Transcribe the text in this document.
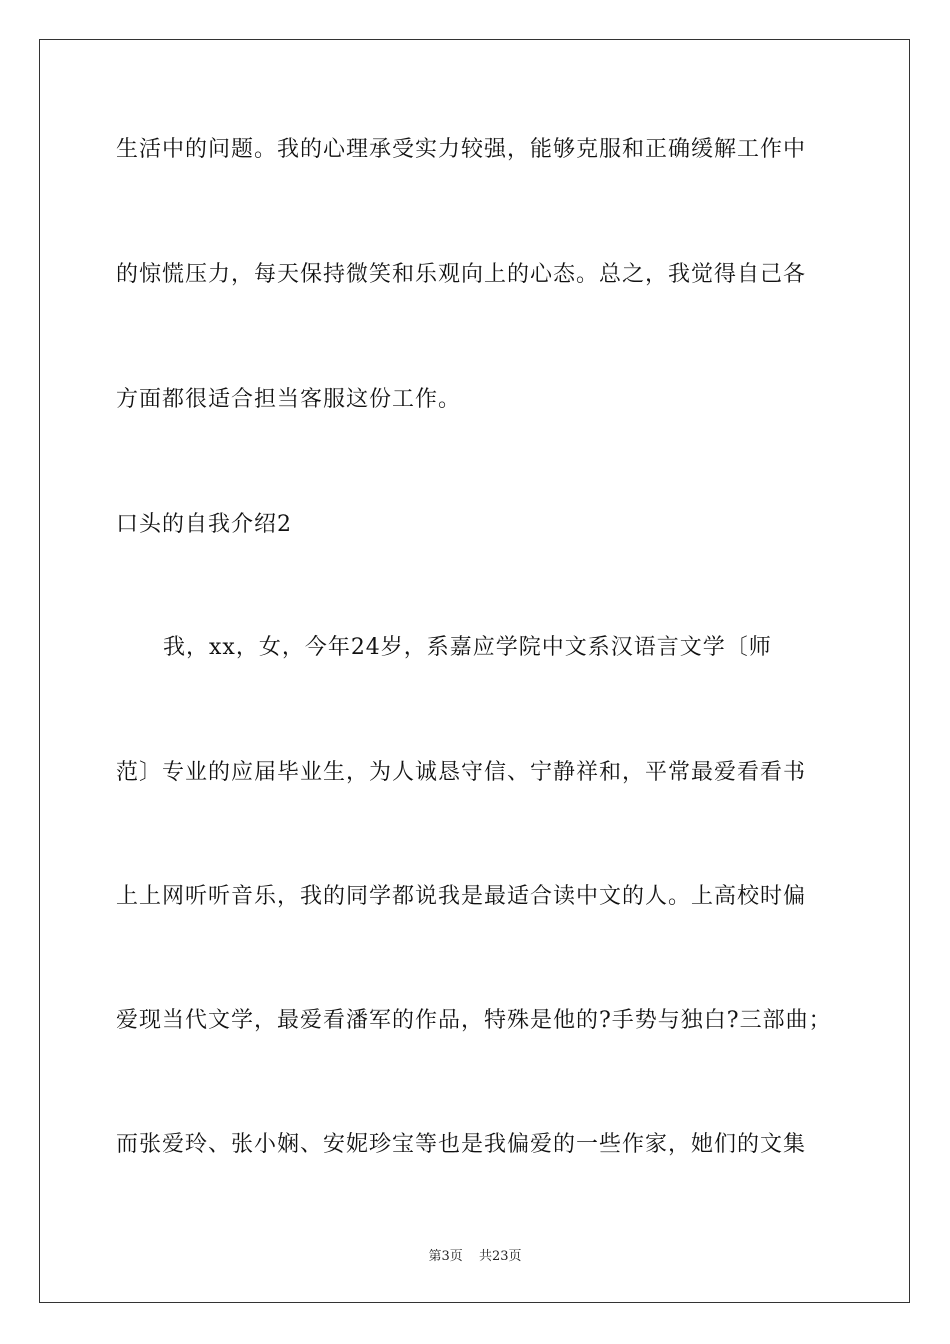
生活中的问题。我的心理承受实力较强，能够克服和正确缓解工作中
的惊慌压力，每天保持微笑和乐观向上的心态。总之，我觉得自己各
方面都很适合担当客服这份工作。
口头的自我介绍2
我，xx，女，今年24岁，系嘉应学院中文系汉语言文学〔师
范〕专业的应届毕业生，为人诚恳守信、宁静祥和，平常最爱看看书
上上网听听音乐，我的同学都说我是最适合读中文的人。上高校时偏
爱现当代文学，最爱看潘军的作品，特殊是他的?手势与独白?三部曲；
而张爱玲、张小娴、安妮珍宝等也是我偏爱的一些作家，她们的文集
第3页 共23页
